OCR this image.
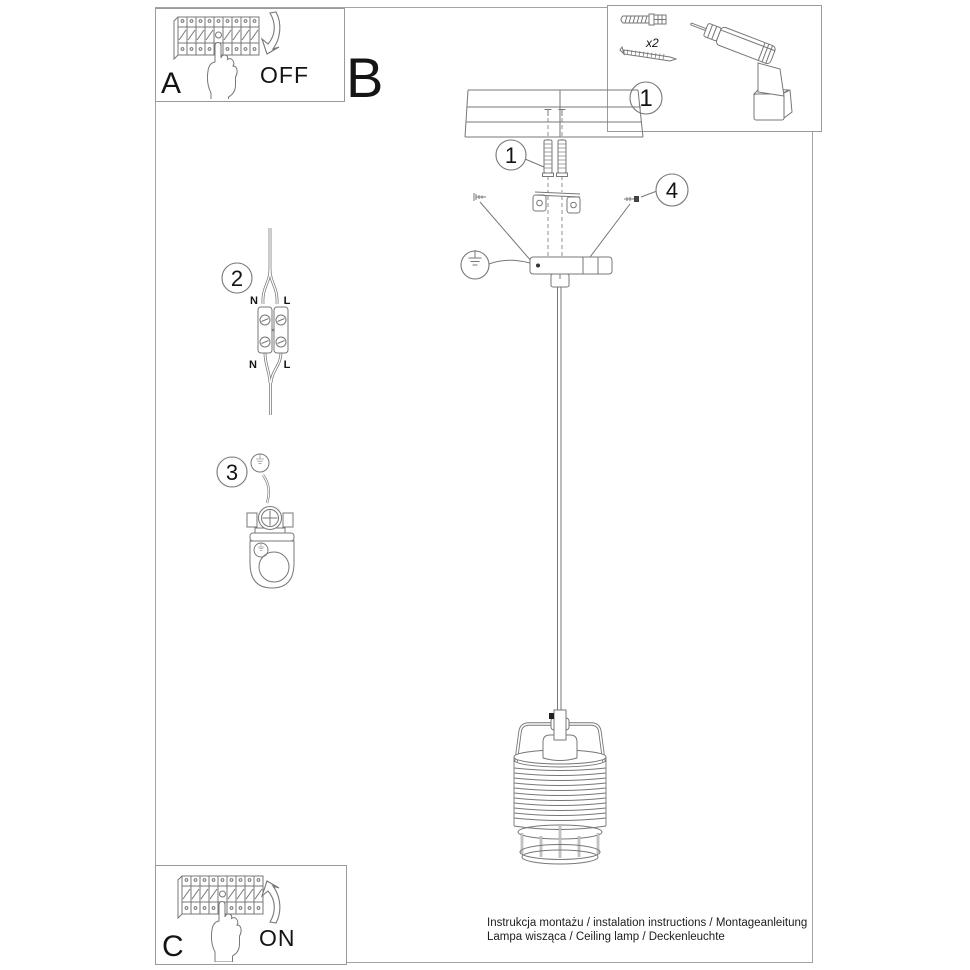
B
OFF
A
x2
1
1
4
2
N L
N L
3
ON
C
Instrukcja montażu / instalation instructions / Montageanleitung
Lampa wisząca / Ceiling lamp / Deckenleuchte
